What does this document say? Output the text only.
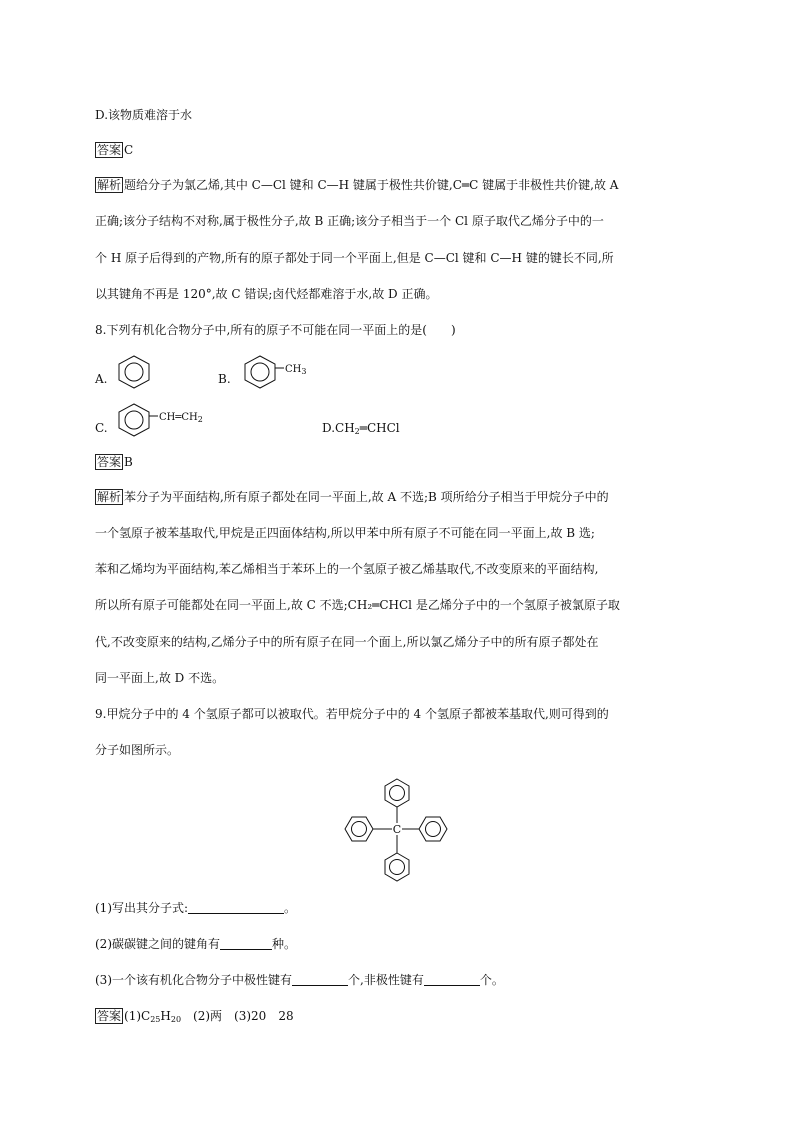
D.该物质难溶于水
答案 C
解析 题给分子为氯乙烯,其中 C—Cl 键和 C—H 键属于极性共价键,C═C 键属于非极性共价键,故 A
正确;该分子结构不对称,属于极性分子,故 B 正确;该分子相当于一个 Cl 原子取代乙烯分子中的一
个 H 原子后得到的产物,所有的原子都处于同一个平面上,但是 C—Cl 键和 C—H 键的键长不同,所
以其键角不再是 120°,故 C 错误;卤代烃都难溶于水,故 D 正确。
8.下列有机化合物分子中,所有的原子不可能在同一平面上的是(　　)
A.	B.
$CH_3$
C.
$CH═CH_2$
$D.CH_2═CHCl$
答案 B
解析 苯分子为平面结构,所有原子都处在同一平面上,故 A 不选;B 项所给分子相当于甲烷分子中的
一个氢原子被苯基取代,甲烷是正四面体结构,所以甲苯中所有原子不可能在同一平面上,故 B 选;
苯和乙烯均为平面结构,苯乙烯相当于苯环上的一个氢原子被乙烯基取代,不改变原来的平面结构,
所以所有原子可能都处在同一平面上,故 C 不选;CH₂═CHCl 是乙烯分子中的一个氢原子被氯原子取
代,不改变原来的结构,乙烯分子中的所有原子在同一个面上,所以氯乙烯分子中的所有原子都处在
同一平面上,故 D 不选。
9.甲烷分子中的 4 个氢原子都可以被取代。若甲烷分子中的 4 个氢原子都被苯基取代,则可得到的
分子如图所示。
C
(1)写出其分子式:	。
(2)碳碳键之间的键角有	种。
(3)一个该有机化合物分子中极性键有	个,非极性键有	个。
答案 $(1)C_{25}H_{20}$　(2)两　(3)20　28
